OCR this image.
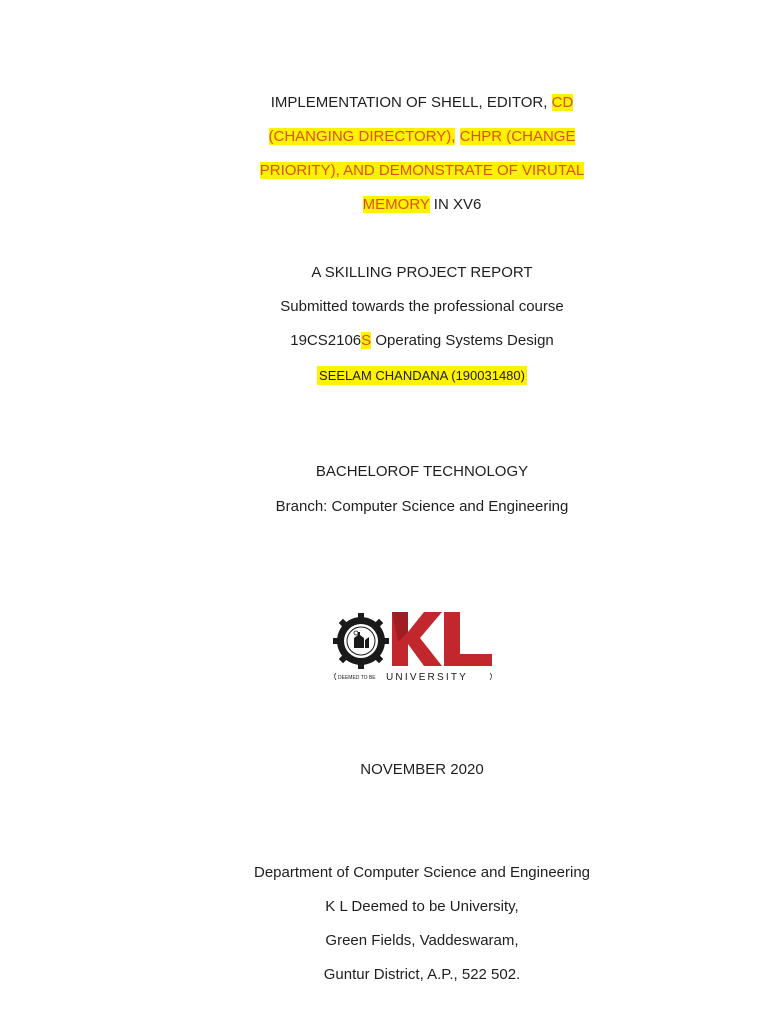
IMPLEMENTATION OF SHELL, EDITOR, CD
(CHANGING DIRECTORY), CHPR (CHANGE
PRIORITY), AND DEMONSTRATE OF VIRUTAL
MEMORY IN XV6
A SKILLING PROJECT REPORT
Submitted towards the professional course
19CS2106S Operating Systems Design
SEELAM CHANDANA (190031480)
BACHELOROF TECHNOLOGY
Branch: Computer Science and Engineering
DEEMED TO BE UNIVERSITY
NOVEMBER 2020
Department of Computer Science and Engineering
K L Deemed to be University,
Green Fields, Vaddeswaram,
Guntur District, A.P., 522 502.
